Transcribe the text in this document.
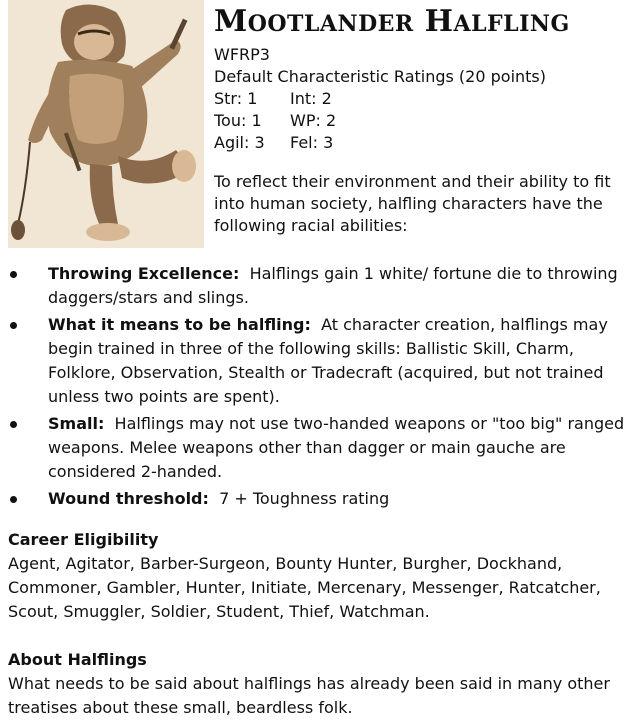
MOOTLANDER HALFLING

WFRP3

Default Characteristic Ratings (20 points)

Str: 1	Int: 2
Tou: 1	WP: 2
Agil: 3	Fel: 3

To reflect their environment and their ability to fit into human society, halfling characters have the following racial abilities:

Throwing Excellence: Halflings gain 1 white/ fortune die to throwing daggers/stars and slings.
What it means to be halfling: At character creation, halflings may begin trained in three of the following skills: Ballistic Skill, Charm, Folklore, Observation, Stealth or Tradecraft (acquired, but not trained unless two points are spent).
Small: Halflings may not use two-handed weapons or "too big" ranged weapons. Melee weapons other than dagger or main gauche are considered 2-handed.
Wound threshold: 7 + Toughness rating
Career Eligibility

Agent, Agitator, Barber-Surgeon, Bounty Hunter, Burgher, Dockhand, Commoner, Gambler, Hunter, Initiate, Mercenary, Messenger, Ratcatcher, Scout, Smuggler, Soldier, Student, Thief, Watchman.

About Halflings

What needs to be said about halflings has already been said in many other treatises about these small, beardless folk.
